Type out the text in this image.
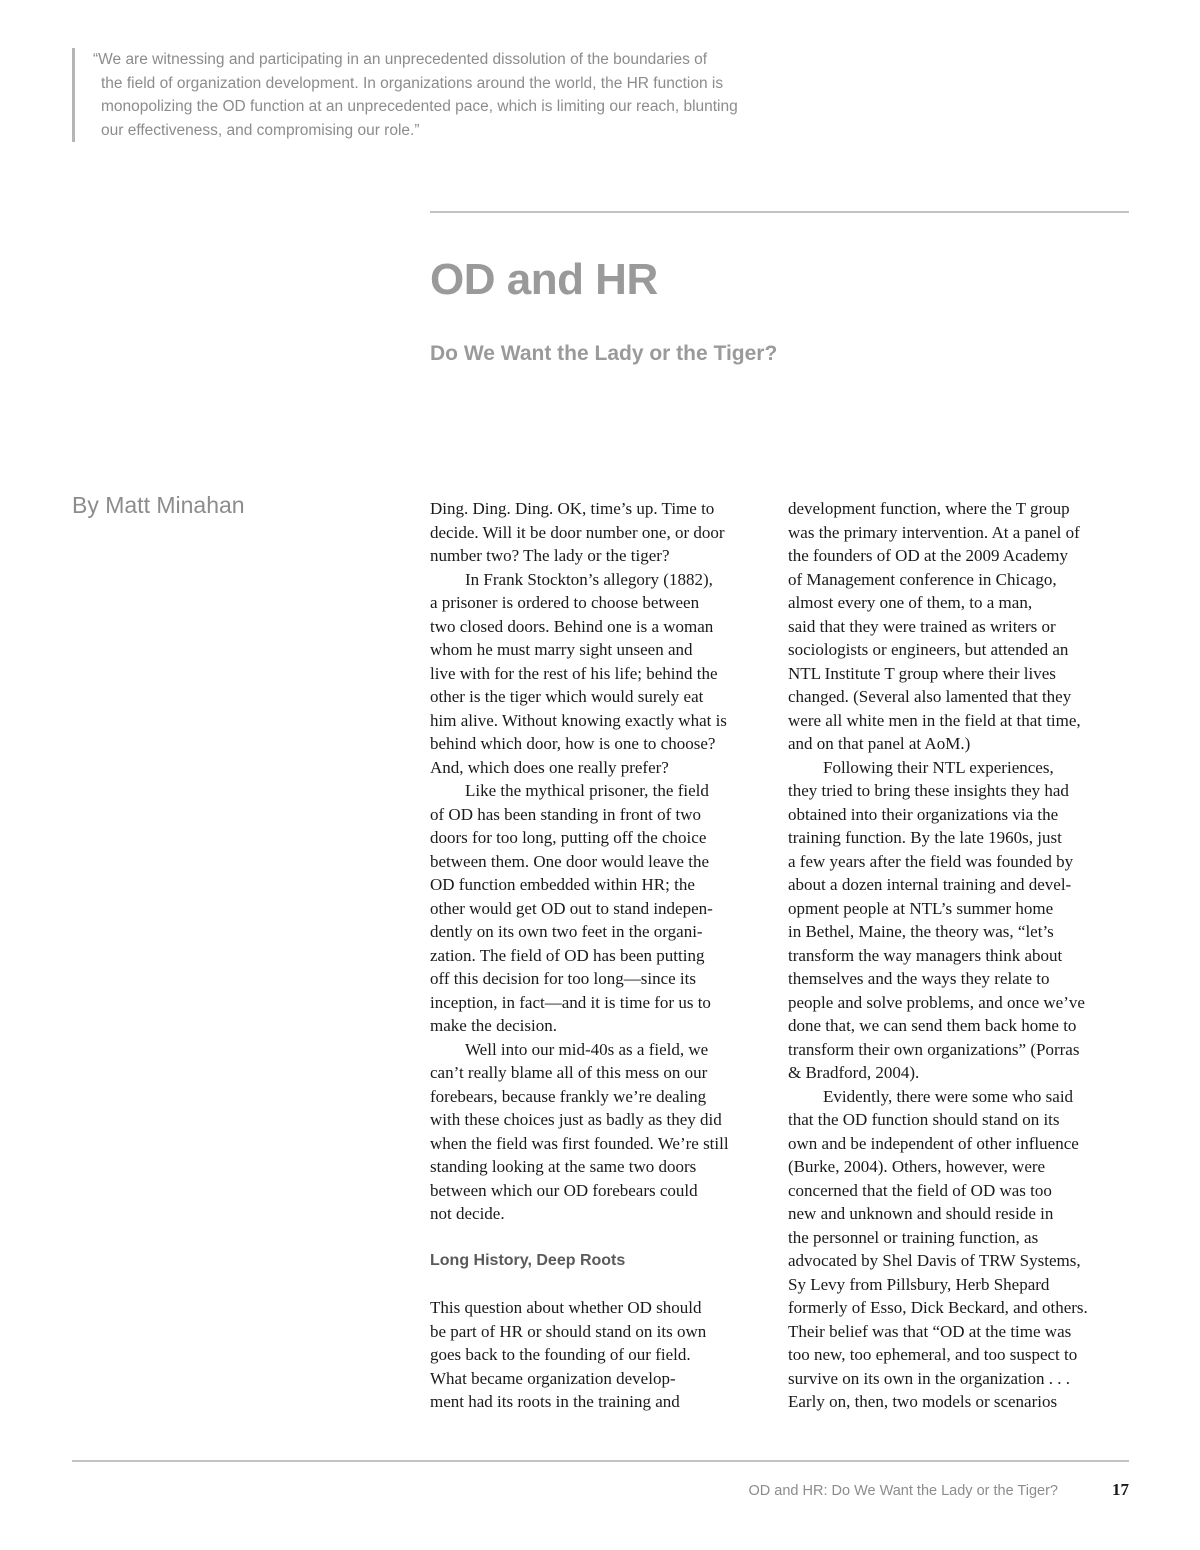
“We are witnessing and participating in an unprecedented dissolution of the boundaries of
the field of organization development. In organizations around the world, the HR function is
monopolizing the OD function at an unprecedented pace, which is limiting our reach, blunting
our effectiveness, and compromising our role.”
OD and HR
Do We Want the Lady or the Tiger?

By Matt Minahan	Ding. Ding. Ding. OK, time’s up. Time to
decide. Will it be door number one, or door
number two? The lady or the tiger?
In Frank Stockton’s allegory (1882),
a prisoner is ordered to choose between
two closed doors. Behind one is a woman
whom he must marry sight unseen and
live with for the rest of his life; behind the
other is the tiger which would surely eat
him alive. Without knowing exactly what is
behind which door, how is one to choose?
And, which does one really prefer?
Like the mythical prisoner, the field
of OD has been standing in front of two
doors for too long, putting off the choice
between them. One door would leave the
OD function embedded within HR; the
other would get OD out to stand indepen-
dently on its own two feet in the organi-
zation. The field of OD has been putting
off this decision for too long—since its
inception, in fact—and it is time for us to
make the decision.
Well into our mid-40s as a field, we
can’t really blame all of this mess on our
forebears, because frankly we’re dealing
with these choices just as badly as they did
when the field was first founded. We’re still
standing looking at the same two doors
between which our OD forebears could
not decide.
Long History, Deep Roots
This question about whether OD should
be part of HR or should stand on its own
goes back to the founding of our field.
What became organization develop-
ment had its roots in the training and
development function, where the T group
was the primary intervention. At a panel of
the founders of OD at the 2009 Academy
of Management conference in Chicago,
almost every one of them, to a man,
said that they were trained as writers or
sociologists or engineers, but attended an
NTL Institute T group where their lives
changed. (Several also lamented that they
were all white men in the field at that time,
and on that panel at AoM.)
Following their NTL experiences,
they tried to bring these insights they had
obtained into their organizations via the
training function. By the late 1960s, just
a few years after the field was founded by
about a dozen internal training and devel-
opment people at NTL’s summer home
in Bethel, Maine, the theory was, “let’s
transform the way managers think about
themselves and the ways they relate to
people and solve problems, and once we’ve
done that, we can send them back home to
transform their own organizations” (Porras
& Bradford, 2004).
Evidently, there were some who said
that the OD function should stand on its
own and be independent of other influence
(Burke, 2004). Others, however, were
concerned that the field of OD was too
new and unknown and should reside in
the personnel or training function, as
advocated by Shel Davis of TRW Systems,
Sy Levy from Pillsbury, Herb Shepard
formerly of Esso, Dick Beckard, and others.
Their belief was that “OD at the time was
too new, too ephemeral, and too suspect to
survive on its own in the organization . . .
Early on, then, two models or scenarios
OD and HR: Do We Want the Lady or the Tiger?	17
